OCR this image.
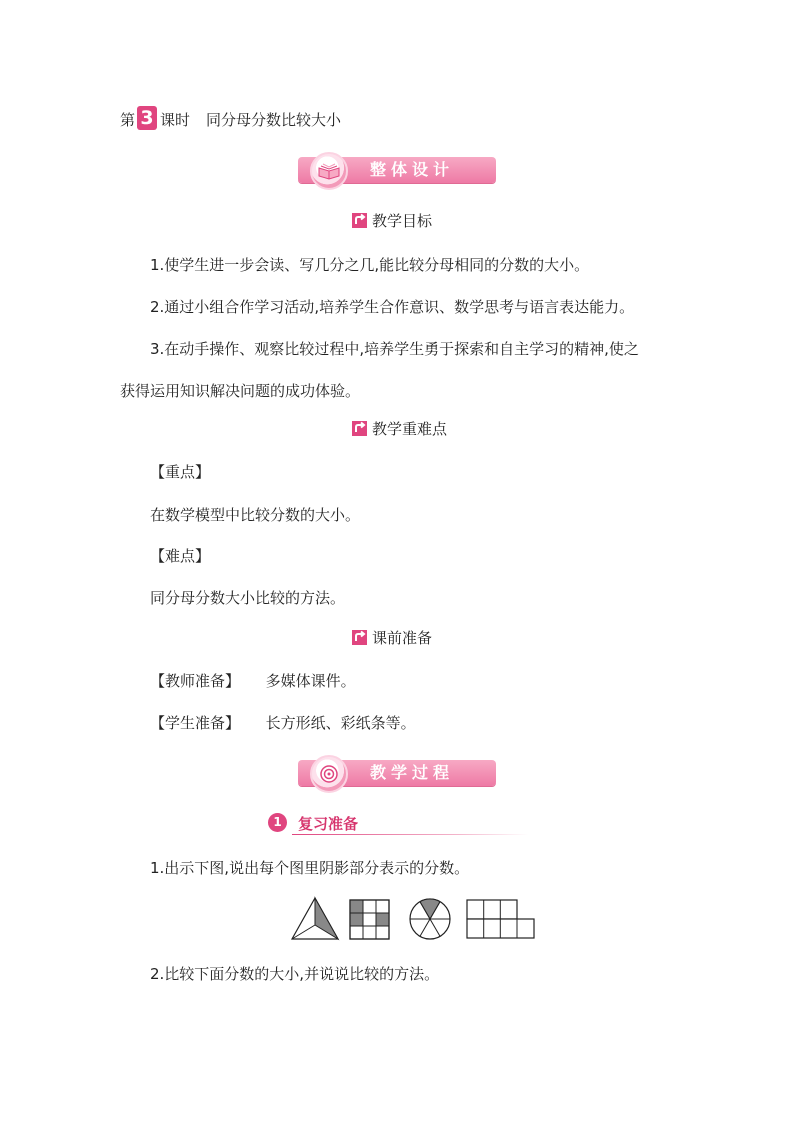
第 3 课时 同分母分数比较大小
整体设计
教学目标
1.使学生进一步会读、写几分之几,能比较分母相同的分数的大小。
2.通过小组合作学习活动,培养学生合作意识、数学思考与语言表达能力。
3.在动手操作、观察比较过程中,培养学生勇于探索和自主学习的精神,使之
获得运用知识解决问题的成功体验。
教学重难点
【重点】
在数学模型中比较分数的大小。
【难点】
同分母分数大小比较的方法。
课前准备
【教师准备】 多媒体课件。
【学生准备】 长方形纸、彩纸条等。
教学过程
1	复习准备
1.出示下图,说出每个图里阴影部分表示的分数。
2.比较下面分数的大小,并说说比较的方法。
